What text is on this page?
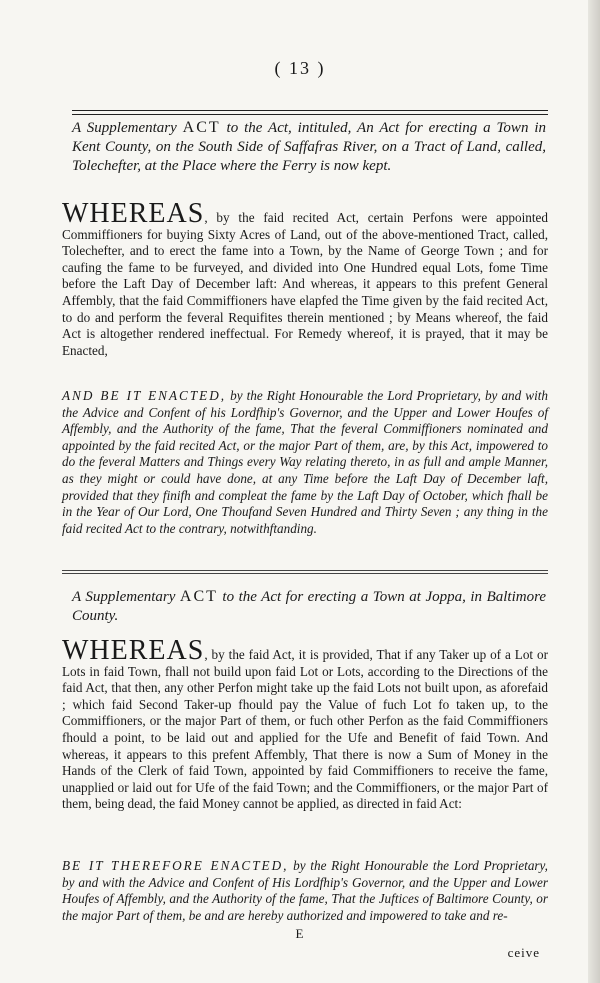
( 13 )
A Supplementary ACT to the Act, intituled, An Act for erecting a Town in Kent County, on the South Side of Saffafras River, on a Tract of Land, called, Tolechefter, at the Place where the Ferry is now kept.
WHEREAS, by the faid recited Act, certain Perfons were appointed Commiffioners for buying Sixty Acres of Land, out of the above-mentioned Tract, called, Tolechefter, and to erect the fame into a Town, by the Name of George Town ; and for caufing the fame to be furveyed, and divided into One Hundred equal Lots, fome Time before the Laft Day of December laft: And whereas, it appears to this prefent General Affembly, that the faid Commiffioners have elapfed the Time given by the faid recited Act, to do and perform the feveral Requifites therein mentioned ; by Means whereof, the faid Act is altogether rendered ineffectual. For Remedy whereof, it is prayed, that it may be Enacted,
AND BE IT ENACTED, by the Right Honourable the Lord Proprietary, by and with the Advice and Confent of his Lordfhip's Governor, and the Upper and Lower Houfes of Affembly, and the Authority of the fame, That the feveral Commiffioners nominated and appointed by the faid recited Act, or the major Part of them, are, by this Act, impowered to do the feveral Matters and Things every Way relating thereto, in as full and ample Manner, as they might or could have done, at any Time before the Laft Day of December laft, provided that they finifh and compleat the fame by the Laft Day of October, which fhall be in the Year of Our Lord, One Thoufand Seven Hundred and Thirty Seven ; any thing in the faid recited Act to the contrary, notwithftanding.
A Supplementary ACT to the Act for erecting a Town at Joppa, in Baltimore County.
WHEREAS, by the faid Act, it is provided, That if any Taker up of a Lot or Lots in faid Town, fhall not build upon faid Lot or Lots, according to the Directions of the faid Act, that then, any other Perfon might take up the faid Lots not built upon, as aforefaid ; which faid Second Taker-up fhould pay the Value of fuch Lot fo taken up, to the Commiffioners, or the major Part of them, or fuch other Perfon as the faid Commiffioners fhould a point, to be laid out and applied for the Ufe and Benefit of faid Town. And whereas, it appears to this prefent Affembly, That there is now a Sum of Money in the Hands of the Clerk of faid Town, appointed by faid Commiffioners to receive the fame, unapplied or laid out for Ufe of the faid Town; and the Commiffioners, or the major Part of them, being dead, the faid Money cannot be applied, as directed in faid Act:
BE IT THEREFORE ENACTED, by the Right Honourable the Lord Proprietary, by and with the Advice and Confent of His Lordfhip's Governor, and the Upper and Lower Houfes of Affembly, and the Authority of the fame, That the Juftices of Baltimore County, or the major Part of them, be and are hereby authorized and impowered to take and re-
E
ceive
